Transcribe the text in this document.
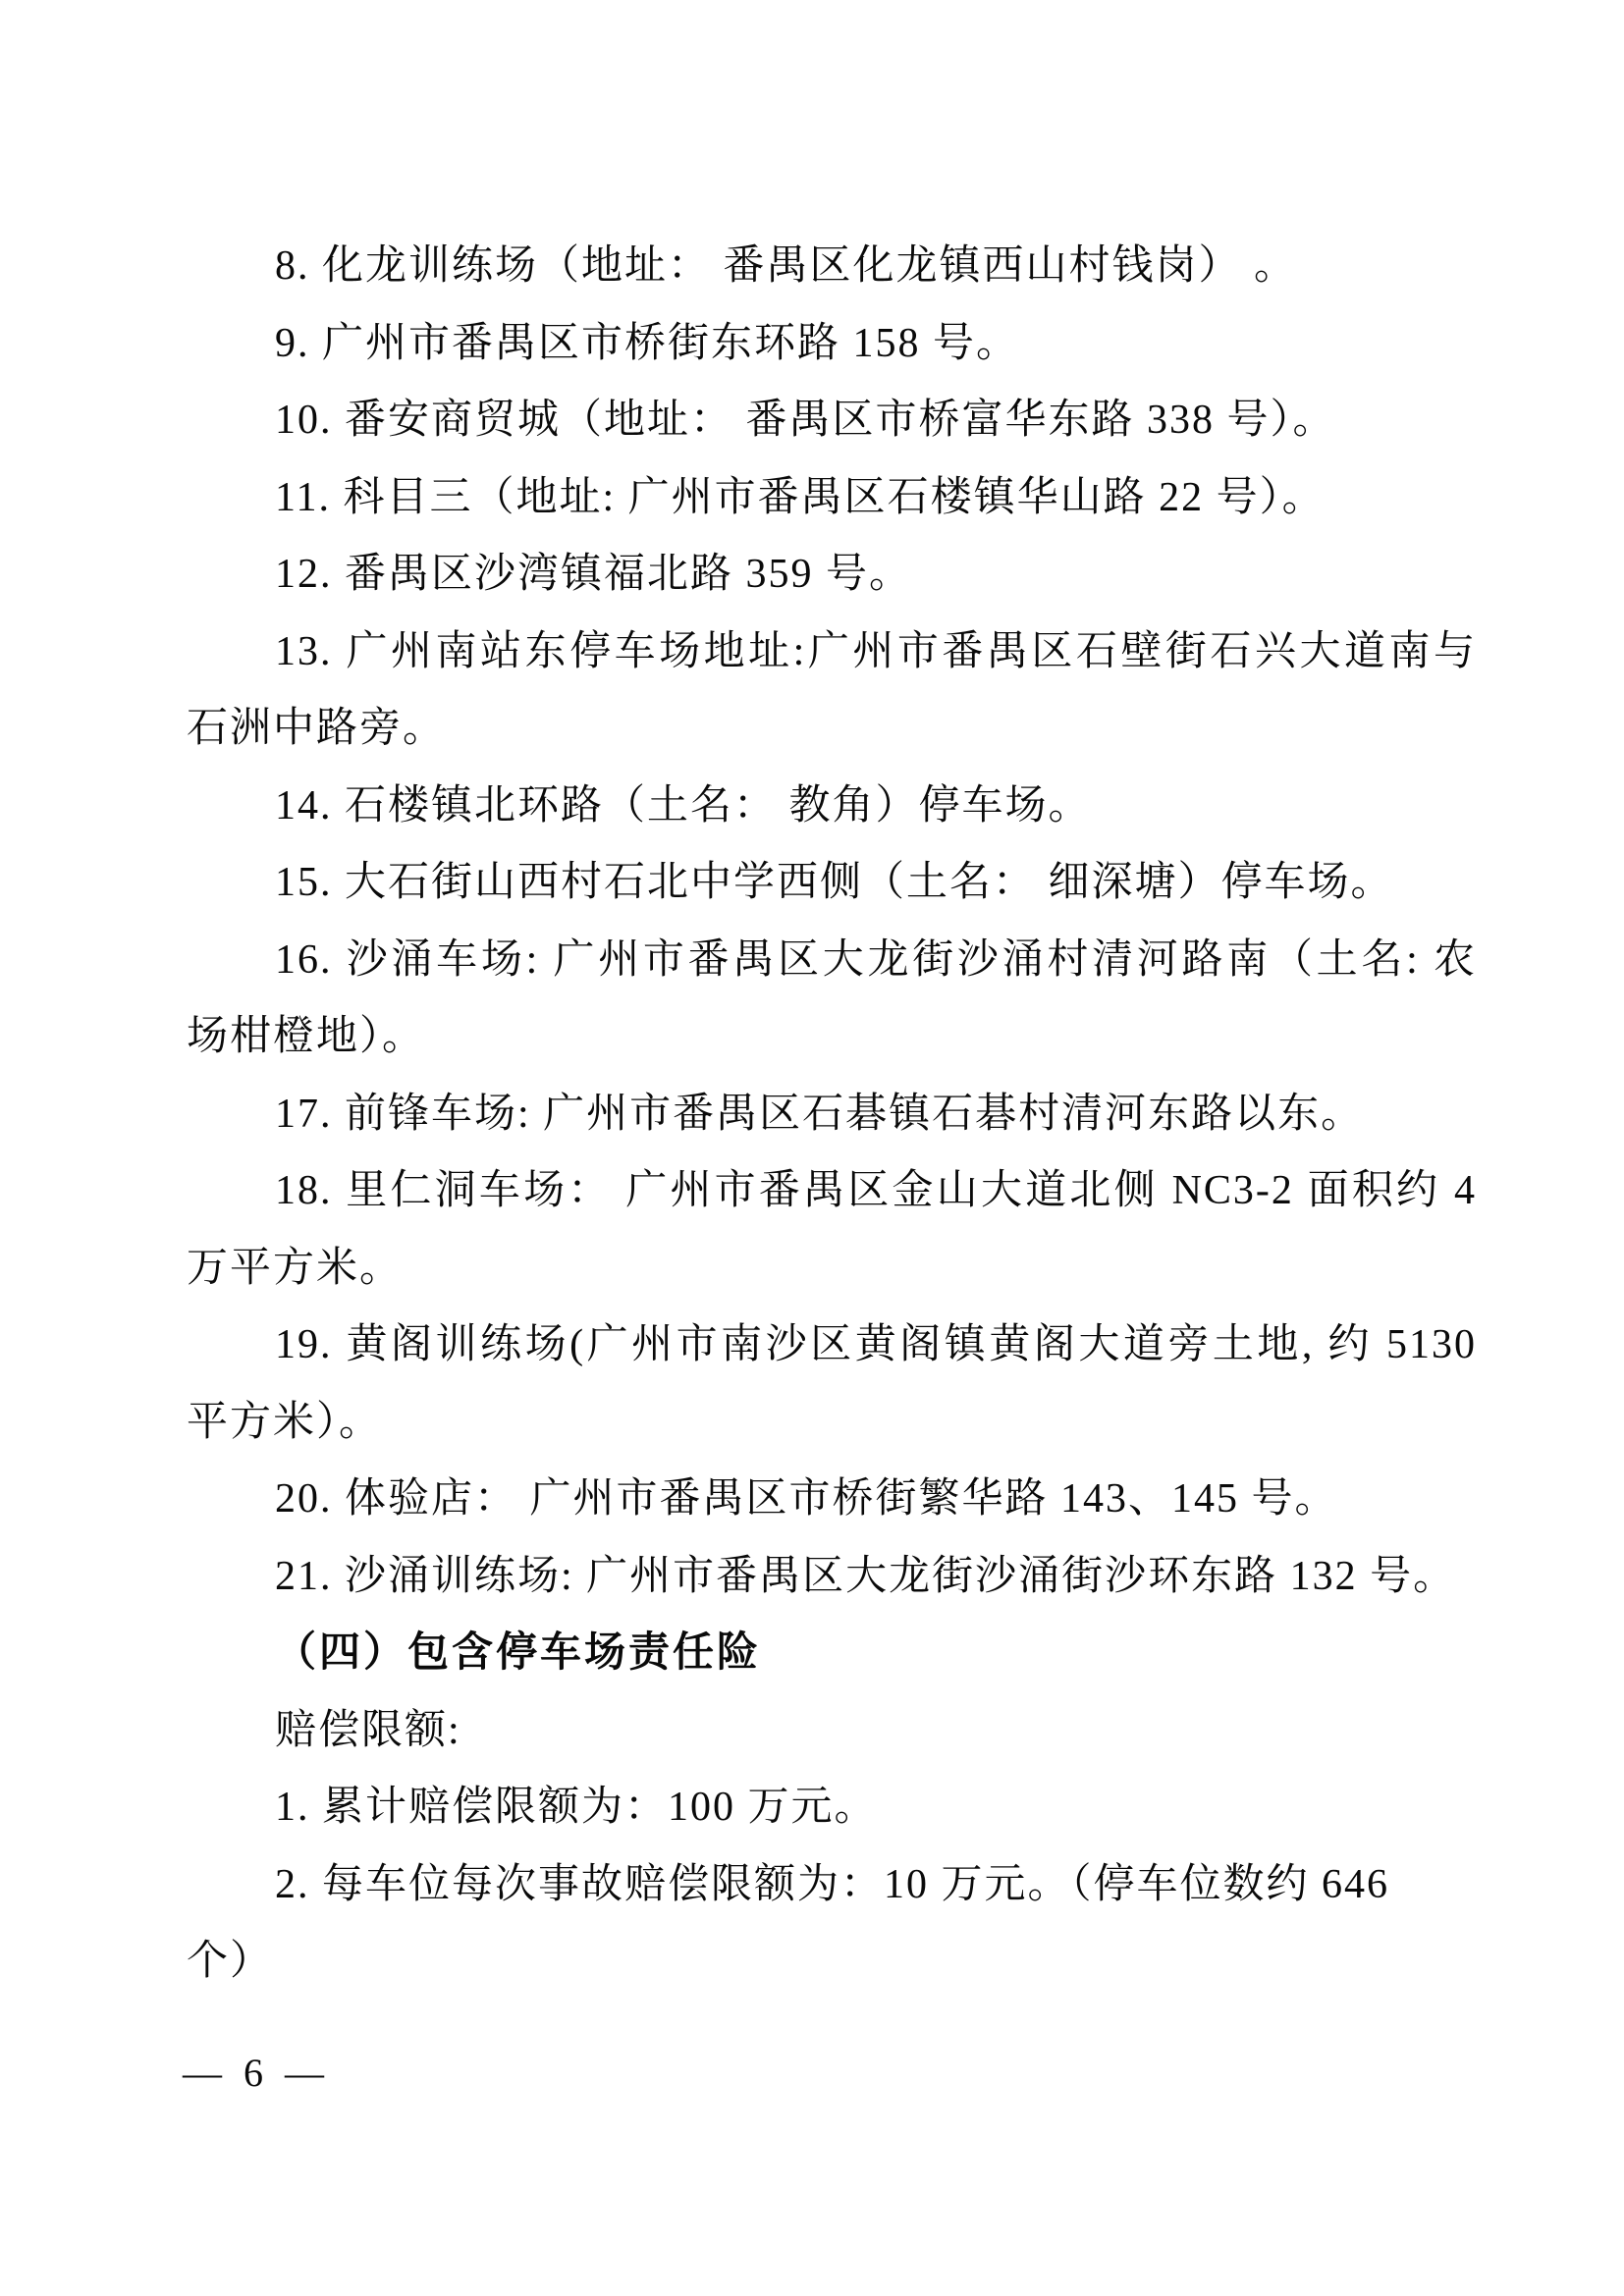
8. 化龙训练场（地址： 番禺区化龙镇西山村钱岗） 。
9. 广州市番禺区市桥街东环路 158 号。
10. 番安商贸城（地址： 番禺区市桥富华东路 338 号）。
11. 科目三（地址: 广州市番禺区石楼镇华山路 22 号）。
12. 番禺区沙湾镇福北路 359 号。
13. 广州南站东停车场地址:广州市番禺区石壁街石兴大道南与
石洲中路旁。
14. 石楼镇北环路（土名： 教角）停车场。
15. 大石街山西村石北中学西侧（土名： 细深塘）停车场。
16. 沙涌车场: 广州市番禺区大龙街沙涌村清河路南（土名: 农
场柑橙地）。
17. 前锋车场: 广州市番禺区石碁镇石碁村清河东路以东。
18. 里仁洞车场： 广州市番禺区金山大道北侧 NC3-2 面积约 4
万平方米。
19. 黄阁训练场(广州市南沙区黄阁镇黄阁大道旁土地, 约 5130
平方米）。
20. 体验店： 广州市番禺区市桥街繁华路 143、145 号。
21. 沙涌训练场: 广州市番禺区大龙街沙涌街沙环东路 132 号。
（四）包含停车场责任险
赔偿限额:
1. 累计赔偿限额为：100 万元。
2. 每车位每次事故赔偿限额为：10 万元。（停车位数约 646
个）
— 6 —
